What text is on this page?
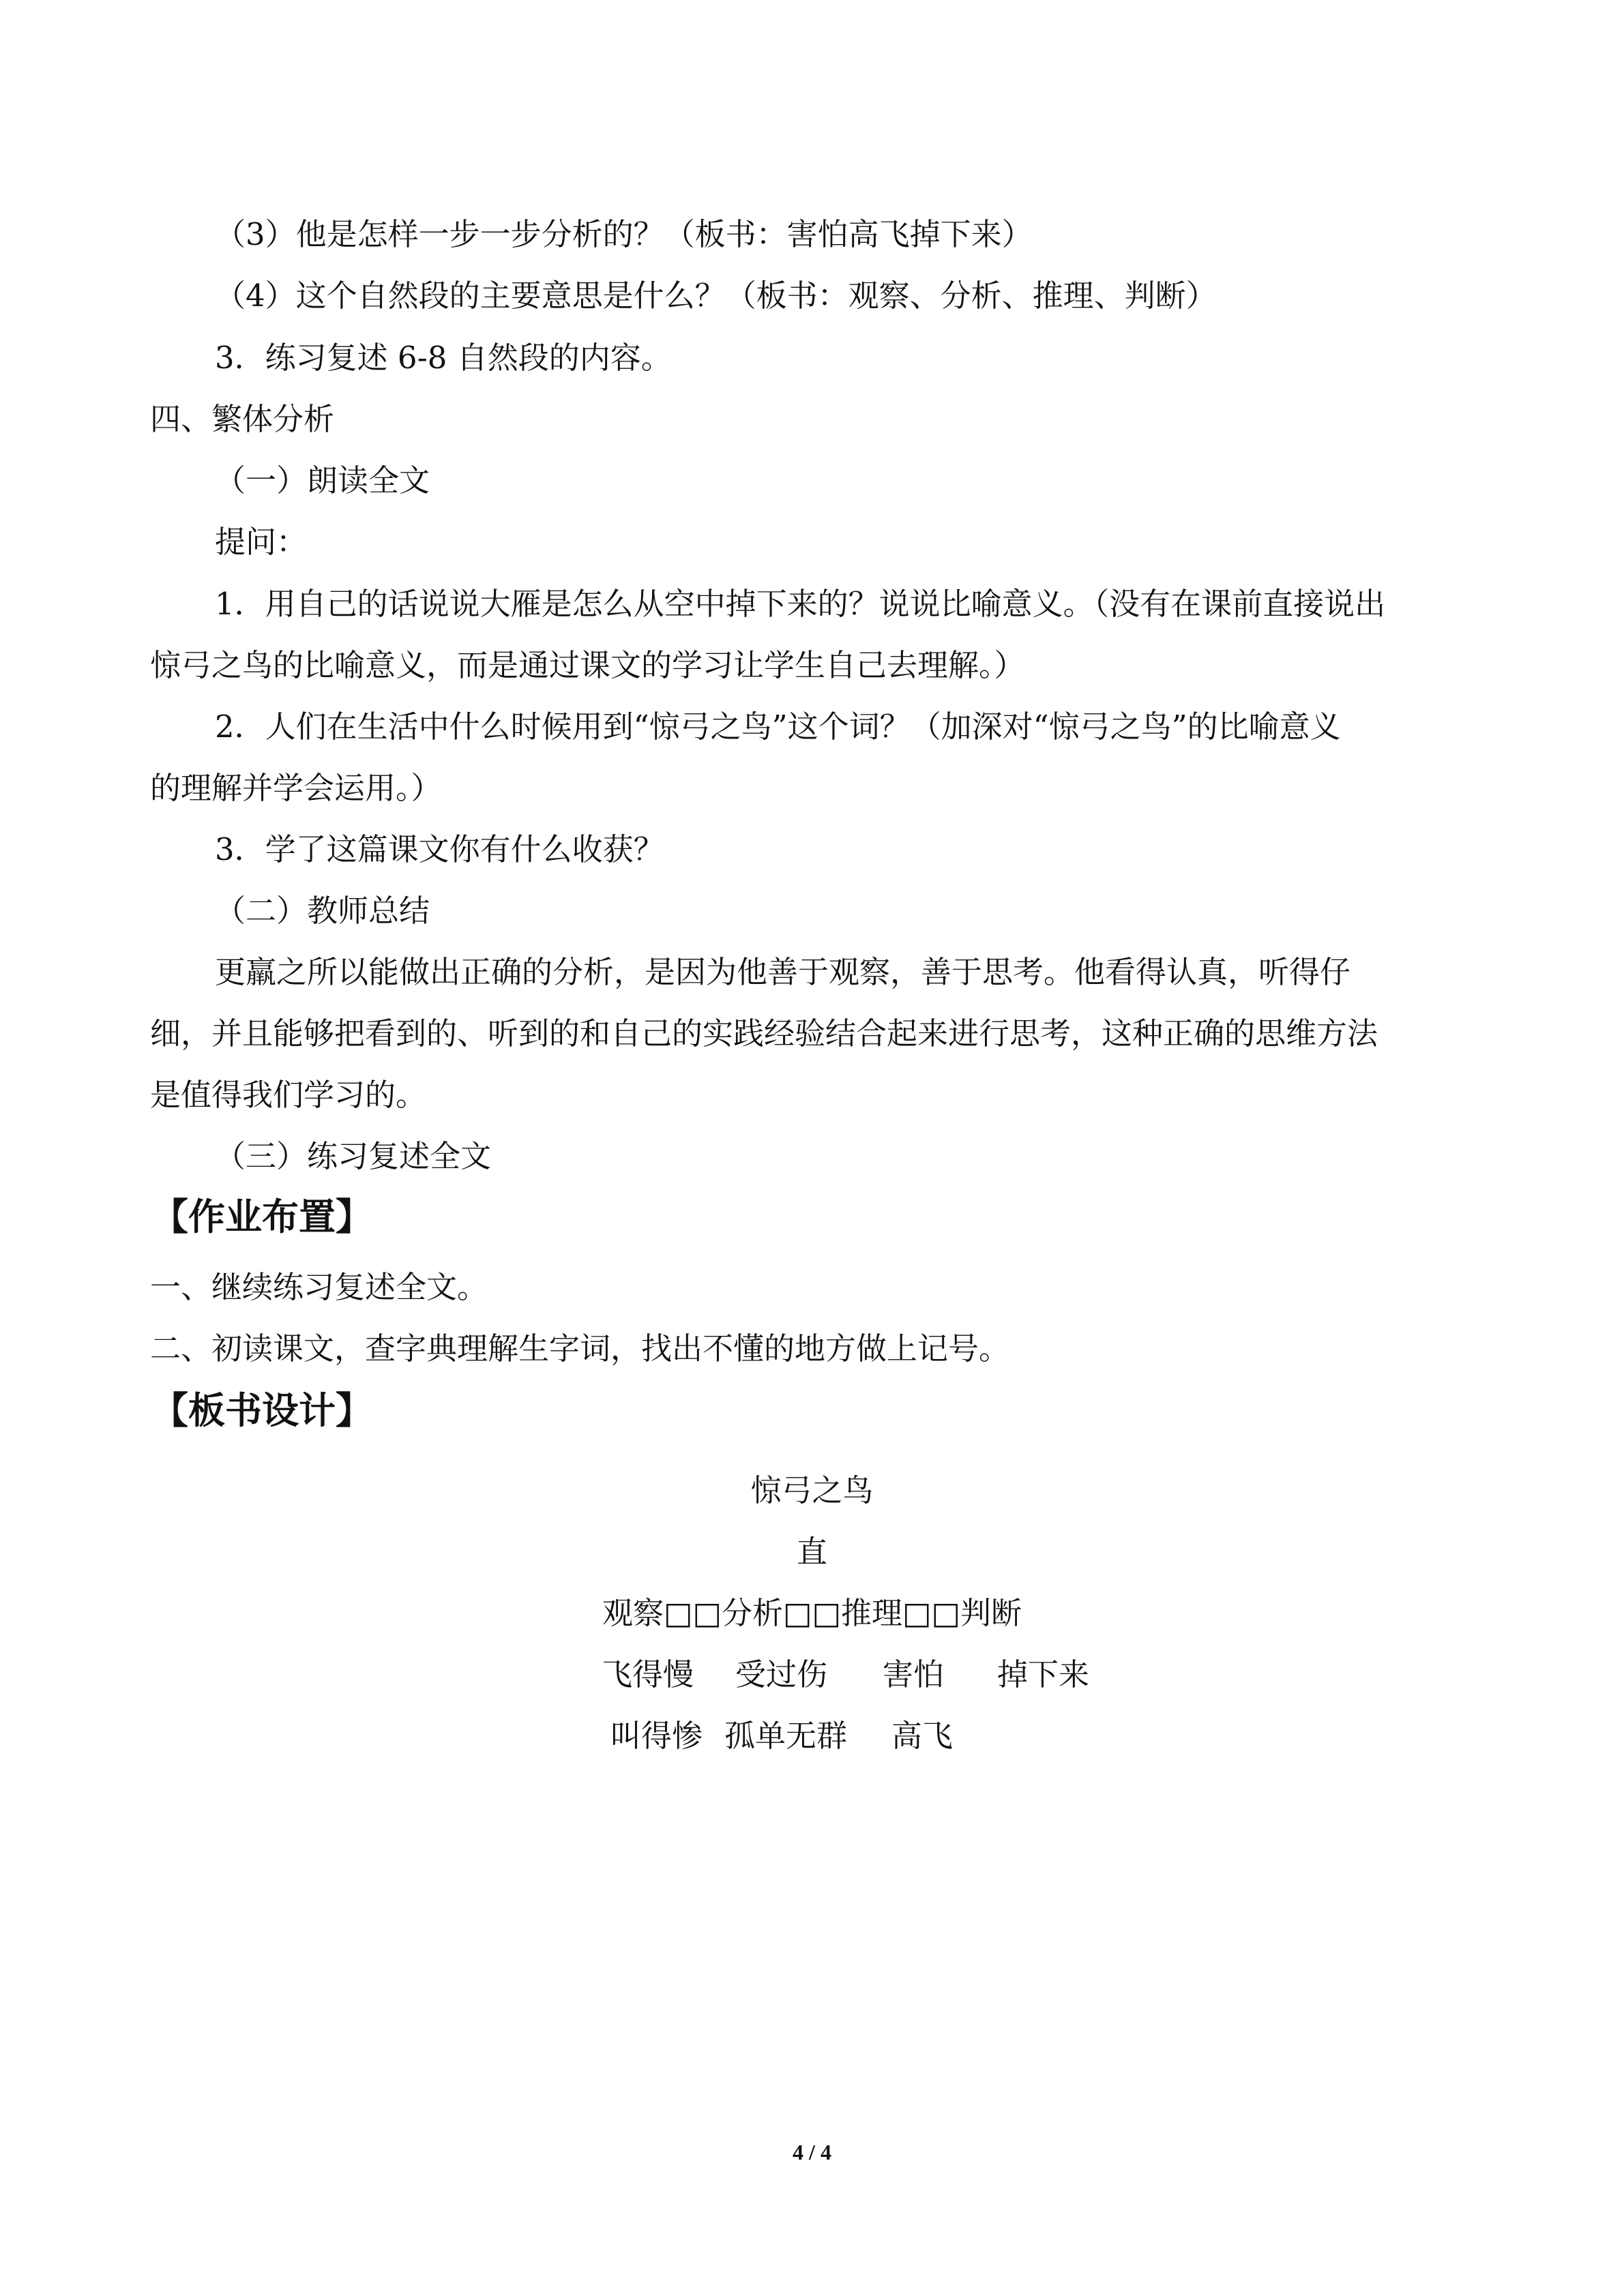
（3）他是怎样一步一步分析的？（板书：害怕高飞掉下来）
（4）这个自然段的主要意思是什么？（板书：观察、分析、推理、判断）
3．练习复述 6-8 自然段的内容。
四、繁体分析
（一）朗读全文
提问：
1．用自己的话说说大雁是怎么从空中掉下来的？说说比喻意义。（没有在课前直接说出
惊弓之鸟的比喻意义，而是通过课文的学习让学生自己去理解。）
2．人们在生活中什么时候用到“惊弓之鸟”这个词？（加深对“惊弓之鸟”的比喻意义
的理解并学会运用。）
3．学了这篇课文你有什么收获？
（二）教师总结
更羸之所以能做出正确的分析，是因为他善于观察，善于思考。他看得认真，听得仔
细，并且能够把看到的、听到的和自己的实践经验结合起来进行思考，这种正确的思维方法
是值得我们学习的。
（三）练习复述全文
【作业布置】
一、继续练习复述全文。
二、初读课文，查字典理解生字词，找出不懂的地方做上记号。
【板书设计】
惊弓之鸟
直
观察□□分析□□推理□□判断
飞得慢 受过伤 害怕 掉下来
叫得惨 孤单无群 高飞
4 / 4
